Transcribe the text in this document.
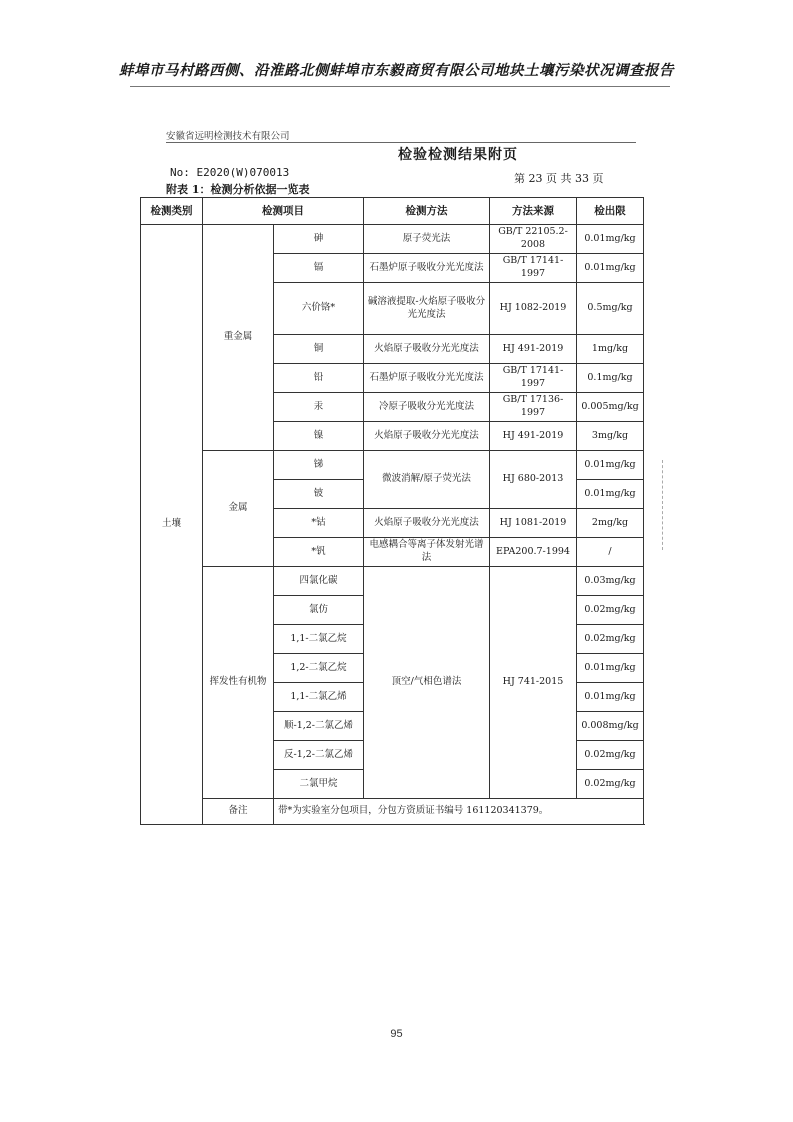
蚌埠市马村路西侧、沿淮路北侧蚌埠市东毅商贸有限公司地块土壤污染状况调查报告
安徽省远明检测技术有限公司
检验检测结果附页
No: E2020(W)070013	第 23 页 共 33 页
附表 1：检测分析依据一览表
检测类别	检测项目		检测方法	方法来源	检出限
土壤	重金属	砷	原子荧光法	GB/T 22105.2-2008	0.01mg/kg
		镉	石墨炉原子吸收分光光度法	GB/T 17141-1997	0.01mg/kg
		六价铬*	碱溶液提取-火焰原子吸收分光光度法	HJ 1082-2019	0.5mg/kg
		铜	火焰原子吸收分光光度法	HJ 491-2019	1mg/kg
		铅	石墨炉原子吸收分光光度法	GB/T 17141-1997	0.1mg/kg
		汞	冷原子吸收分光光度法	GB/T 17136-1997	0.005mg/kg
		镍	火焰原子吸收分光光度法	HJ 491-2019	3mg/kg
	金属	锑	微波消解/原子荧光法	HJ 680-2013	0.01mg/kg
		铍			0.01mg/kg
		*钴	火焰原子吸收分光光度法	HJ 1081-2019	2mg/kg
		*钒	电感耦合等离子体发射光谱法	EPA200.7-1994	/
	挥发性有机物	四氯化碳	顶空/气相色谱法	HJ 741-2015	0.03mg/kg
		氯仿			0.02mg/kg
		1,1-二氯乙烷			0.02mg/kg
		1,2-二氯乙烷			0.01mg/kg
		1,1-二氯乙烯			0.01mg/kg
		顺-1,2-二氯乙烯			0.008mg/kg
		反-1,2-二氯乙烯			0.02mg/kg
		二氯甲烷			0.02mg/kg
	备注	带*为实验室分包项目，分包方资质证书编号 161120341379。			
95
